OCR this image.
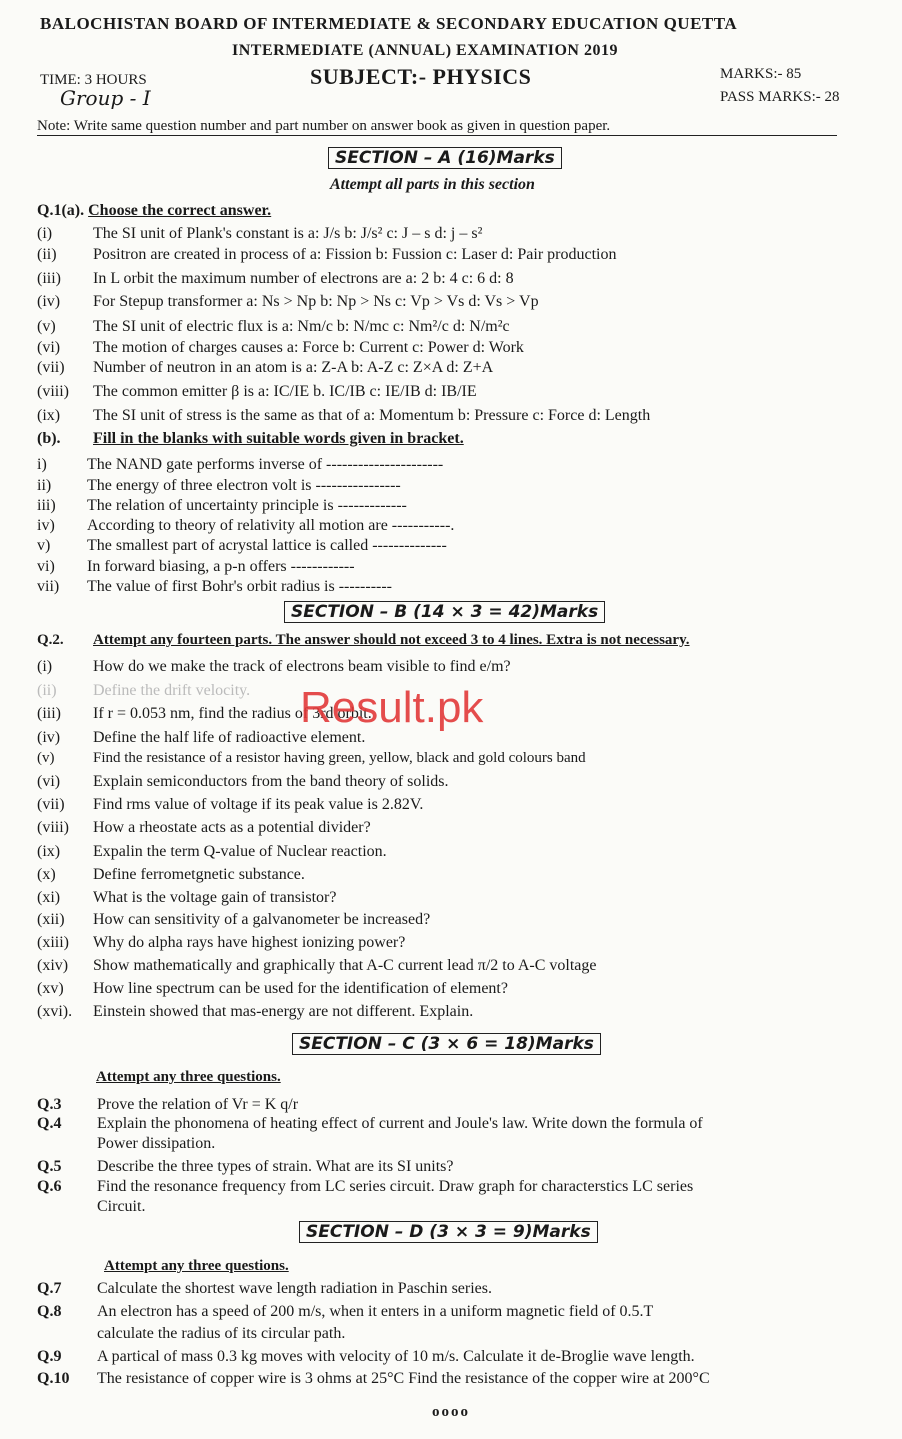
BALOCHISTAN BOARD OF INTERMEDIATE & SECONDARY EDUCATION QUETTA
INTERMEDIATE (ANNUAL) EXAMINATION 2019
TIME: 3 HOURS	SUBJECT:- PHYSICS	MARKS:- 85
PASS MARKS:- 28
Group - I
Note: Write same question number and part number on answer book as given in question paper.
SECTION – A (16)Marks
Attempt all parts in this section
Q.1(a). Choose the correct answer.
(i)	The SI unit of Plank's constant is a: J/s b: J/s² c: J – s d: j – s²
(ii) Positron are created in process of a: Fission b: Fussion c: Laser d: Pair production
(iii) In L orbit the maximum number of electrons are a: 2 b: 4 c: 6 d: 8
(iv) For Stepup transformer a: Ns > Np b: Np > Ns c: Vp > Vs d: Vs > Vp
(v) The SI unit of electric flux is a: Nm/c b: N/mc c: Nm²/c d: N/m²c
(vi) The motion of charges causes a: Force b: Current c: Power d: Work
(vii) Number of neutron in an atom is a: Z-A b: A-Z c: Z×A d: Z+A
(viii) The common emitter β is a: IC/IE b. IC/IB c: IE/IB d: IB/IE
(ix) The SI unit of stress is the same as that of a: Momentum b: Pressure c: Force d: Length
(b). Fill in the blanks with suitable words given in bracket.
i)	The NAND gate performs inverse of ----------------------
ii) The energy of three electron volt is ----------------
iii) The relation of uncertainty principle is -------------
iv) According to theory of relativity all motion are -----------.
v) The smallest part of acrystal lattice is called --------------
vi) In forward biasing, a p-n offers ------------
vii) The value of first Bohr's orbit radius is ----------
SECTION – B (14 × 3 = 42)Marks
Q.2. Attempt any fourteen parts. The answer should not exceed 3 to 4 lines. Extra is not necessary.
(i)	How do we make the track of electrons beam visible to find e/m?
(ii) Define the drift velocity.
(iii) If r = 0.053 nm, find the radius of 3rd orbit.
(iv) Define the half life of radioactive element.
(v)	Find the resistance of a resistor having green, yellow, black and gold colours band
(vi) Explain semiconductors from the band theory of solids.
(vii) Find rms value of voltage if its peak value is 2.82V.
(viii) How a rheostate acts as a potential divider?
(ix) Expalin the term Q-value of Nuclear reaction.
(x) Define ferrometgnetic substance.
(xi) What is the voltage gain of transistor?
(xii) How can sensitivity of a galvanometer be increased?
(xiii) Why do alpha rays have highest ionizing power?
(xiv) Show mathematically and graphically that A-C current lead π/2 to A-C voltage
(xv) How line spectrum can be used for the identification of element?
(xvi). Einstein showed that mas-energy are not different. Explain.
SECTION – C (3 × 6 = 18)Marks
Attempt any three questions.
Q.3 Prove the relation of Vr = K q/r
Q.4 Explain the phonomena of heating effect of current and Joule's law. Write down the formula of
Power dissipation.
Q.5 Describe the three types of strain. What are its SI units?
Q.6 Find the resonance frequency from LC series circuit. Draw graph for characterstics LC series
Circuit.
SECTION – D (3 × 3 = 9)Marks
Attempt any three questions.
Q.7 Calculate the shortest wave length radiation in Paschin series.
Q.8 An electron has a speed of 200 m/s, when it enters in a uniform magnetic field of 0.5.T
calculate the radius of its circular path.
Q.9 A partical of mass 0.3 kg moves with velocity of 10 m/s. Calculate it de-Broglie wave length.
Q.10 The resistance of copper wire is 3 ohms at 25°C Find the resistance of the copper wire at 200°C
oooo
Result.pk
